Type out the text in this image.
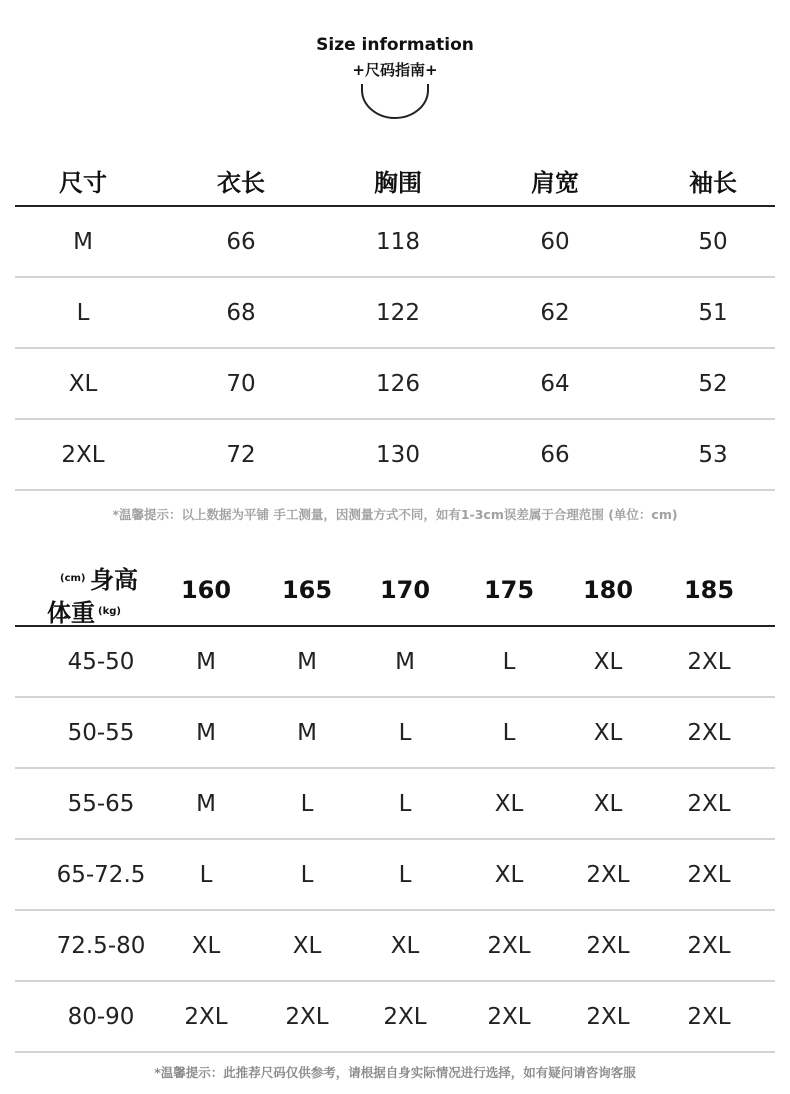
Size information
+尺码指南+
尺寸	衣长	胸围	肩宽	袖长
M	66	118	60	50
L	68	122	62	51
XL	70	126	64	52
2XL	72	130	66	53
*温馨提示：以上数据为平铺 手工测量，因测量方式不同，如有1-3cm误差属于合理范围 (单位：cm)
(cm) 身高
体重 (kg)
160 165 170 175 180 185
45-50	M	M	M	L	XL	2XL
50-55	M	M	L	L	XL	2XL
55-65	M	L	L	XL	XL	2XL
65-72.5 L	L	L	XL	2XL	2XL
72.5-80 XL	XL	XL	2XL 2XL	2XL
80-90 2XL	2XL 2XL	2XL 2XL	2XL
*温馨提示：此推荐尺码仅供参考，请根据自身实际情况进行选择，如有疑问请咨询客服
